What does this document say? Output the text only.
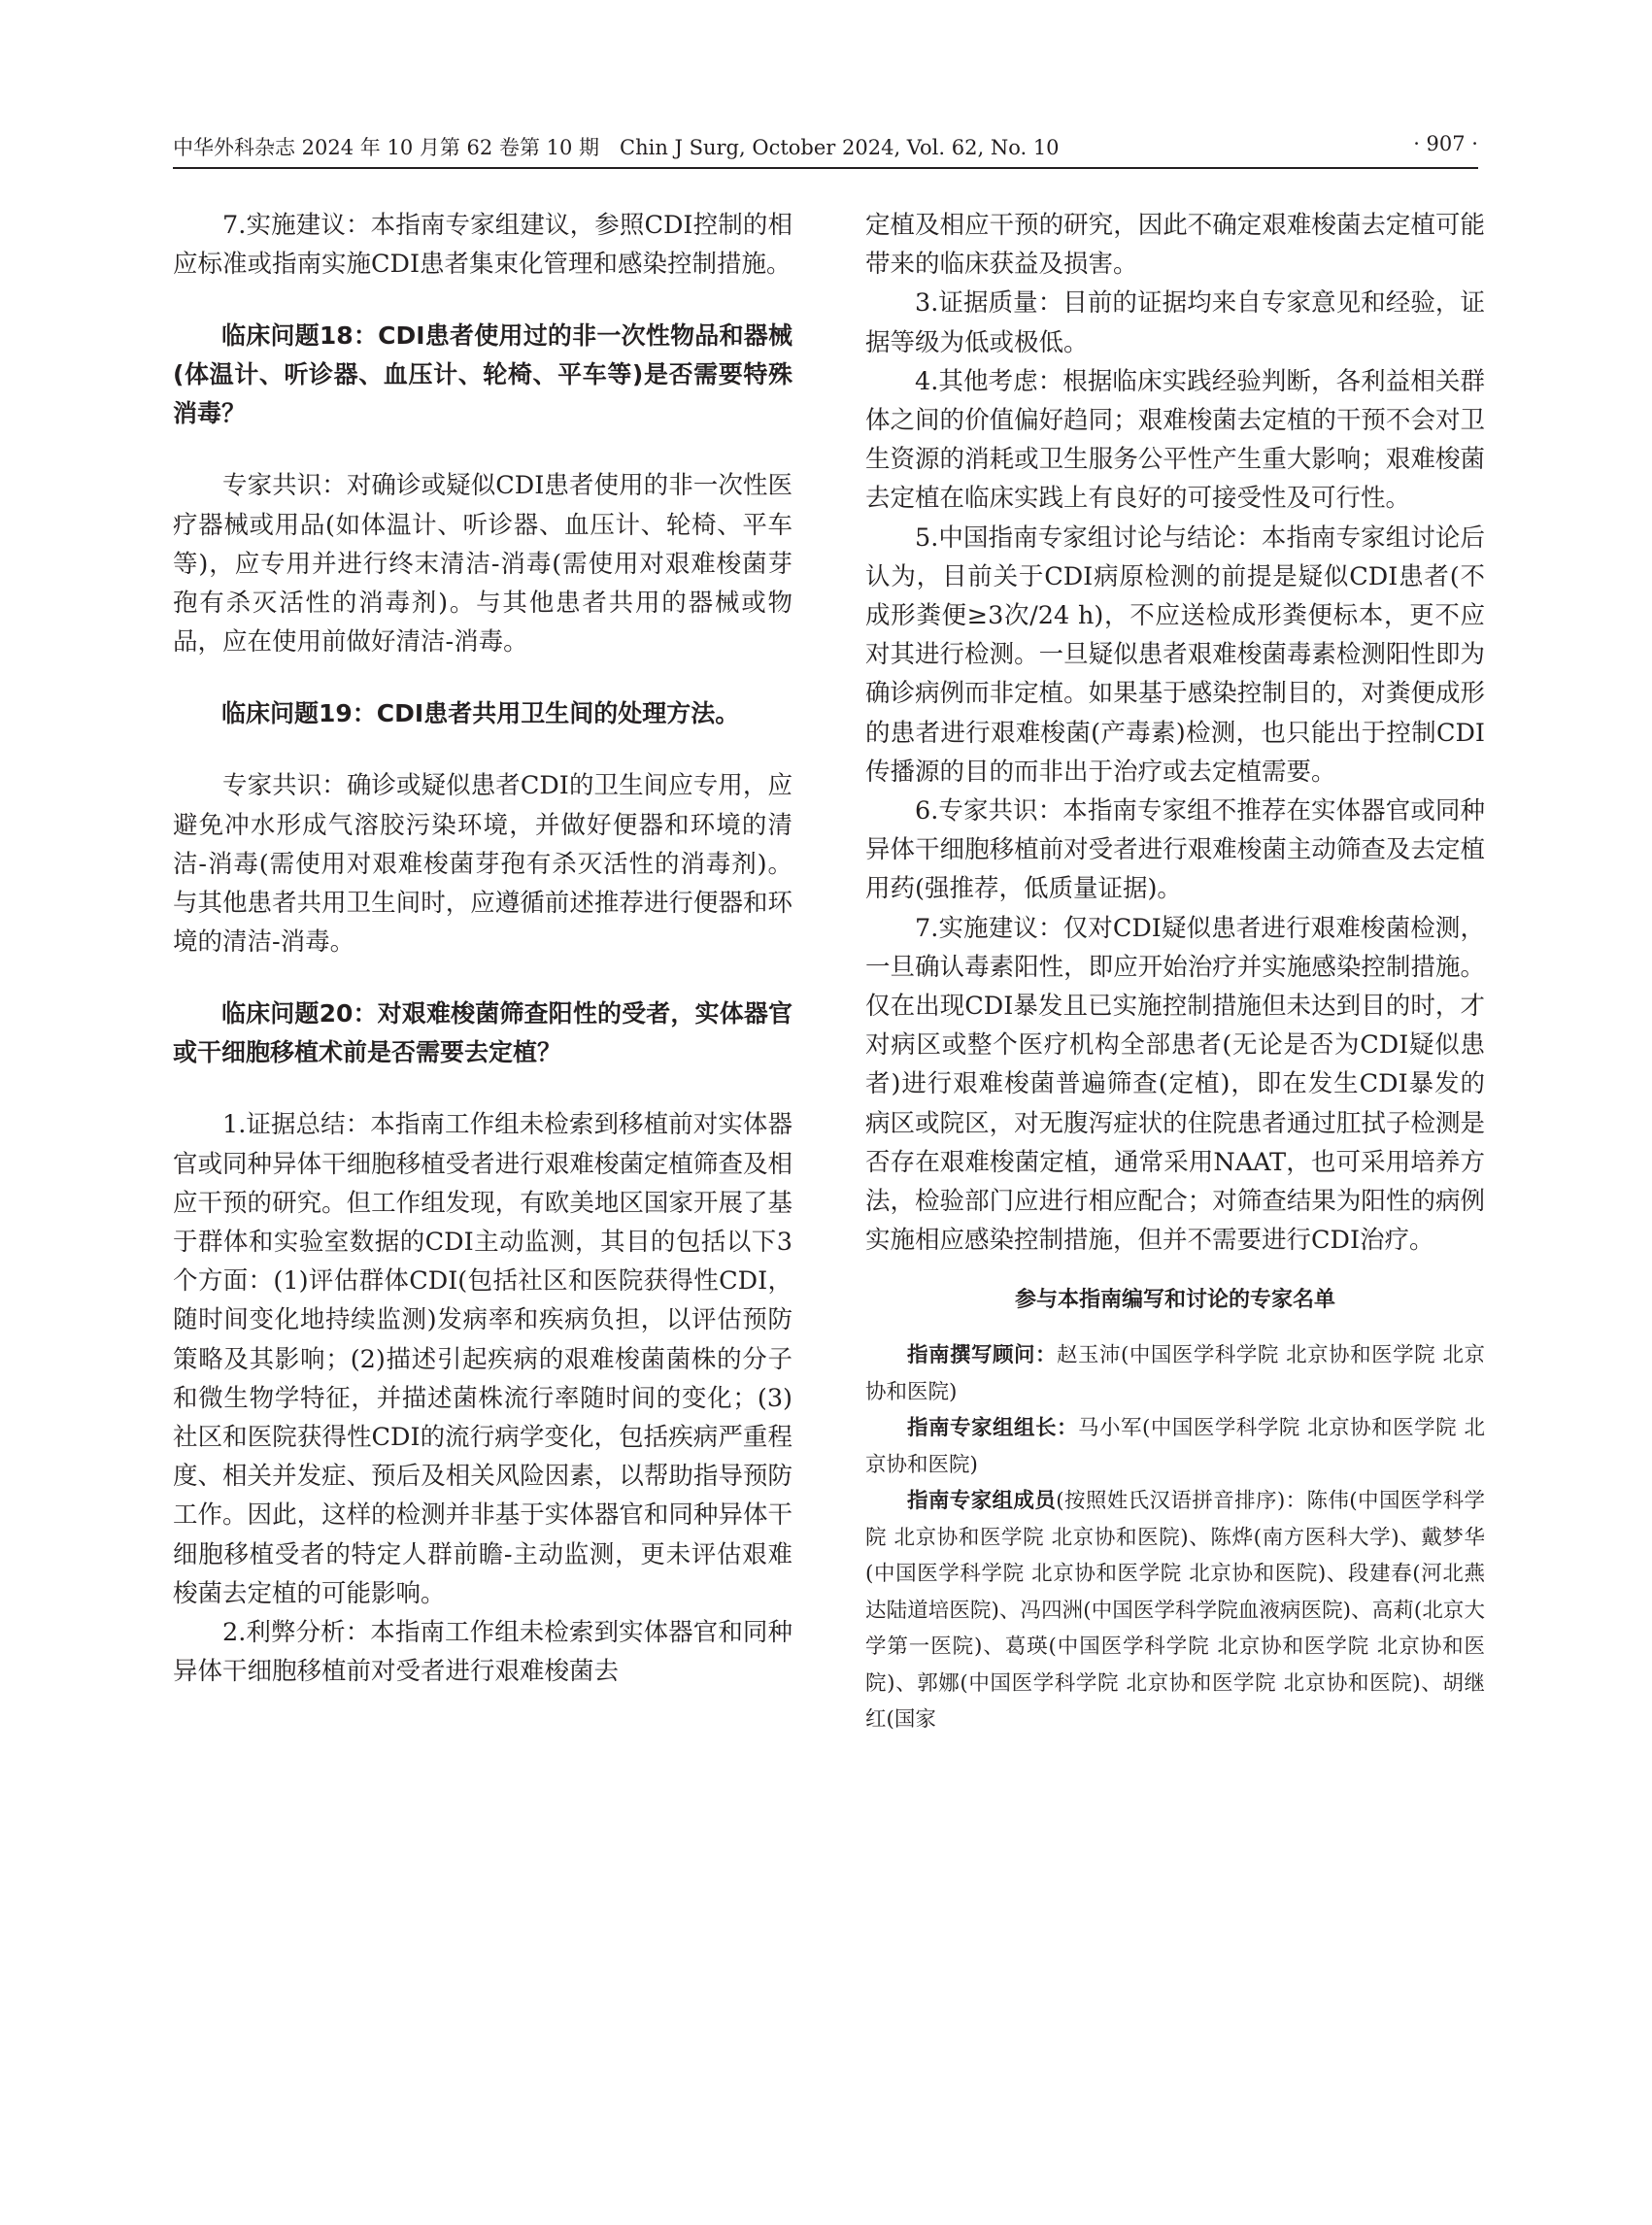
中华外科杂志 2024 年 10 月第 62 卷第 10 期　Chin J Surg, October 2024, Vol. 62, No. 10	· 907 ·

7.实施建议：本指南专家组建议，参照CDI控制的相应标准或指南实施CDI患者集束化管理和感染控制措施。

临床问题18：CDI患者使用过的非一次性物品和器械(体温计、听诊器、血压计、轮椅、平车等)是否需要特殊消毒？

专家共识：对确诊或疑似CDI患者使用的非一次性医疗器械或用品(如体温计、听诊器、血压计、轮椅、平车等)，应专用并进行终末清洁-消毒(需使用对艰难梭菌芽孢有杀灭活性的消毒剂)。与其他患者共用的器械或物品，应在使用前做好清洁-消毒。

临床问题19：CDI患者共用卫生间的处理方法。

专家共识：确诊或疑似患者CDI的卫生间应专用，应避免冲水形成气溶胶污染环境，并做好便器和环境的清洁-消毒(需使用对艰难梭菌芽孢有杀灭活性的消毒剂)。与其他患者共用卫生间时，应遵循前述推荐进行便器和环境的清洁-消毒。

临床问题20：对艰难梭菌筛查阳性的受者，实体器官或干细胞移植术前是否需要去定植？

1.证据总结：本指南工作组未检索到移植前对实体器官或同种异体干细胞移植受者进行艰难梭菌定植筛查及相应干预的研究。但工作组发现，有欧美地区国家开展了基于群体和实验室数据的CDI主动监测，其目的包括以下3个方面：(1)评估群体CDI(包括社区和医院获得性CDI，随时间变化地持续监测)发病率和疾病负担，以评估预防策略及其影响；(2)描述引起疾病的艰难梭菌菌株的分子和微生物学特征，并描述菌株流行率随时间的变化；(3)社区和医院获得性CDI的流行病学变化，包括疾病严重程度、相关并发症、预后及相关风险因素，以帮助指导预防工作。因此，这样的检测并非基于实体器官和同种异体干细胞移植受者的特定人群前瞻-主动监测，更未评估艰难梭菌去定植的可能影响。

2.利弊分析：本指南工作组未检索到实体器官和同种异体干细胞移植前对受者进行艰难梭菌去

定植及相应干预的研究，因此不确定艰难梭菌去定植可能带来的临床获益及损害。

3.证据质量：目前的证据均来自专家意见和经验，证据等级为低或极低。

4.其他考虑：根据临床实践经验判断，各利益相关群体之间的价值偏好趋同；艰难梭菌去定植的干预不会对卫生资源的消耗或卫生服务公平性产生重大影响；艰难梭菌去定植在临床实践上有良好的可接受性及可行性。

5.中国指南专家组讨论与结论：本指南专家组讨论后认为，目前关于CDI病原检测的前提是疑似CDI患者(不成形粪便≥3次/24 h)，不应送检成形粪便标本，更不应对其进行检测。一旦疑似患者艰难梭菌毒素检测阳性即为确诊病例而非定植。如果基于感染控制目的，对粪便成形的患者进行艰难梭菌(产毒素)检测，也只能出于控制CDI传播源的目的而非出于治疗或去定植需要。

6.专家共识：本指南专家组不推荐在实体器官或同种异体干细胞移植前对受者进行艰难梭菌主动筛查及去定植用药(强推荐，低质量证据)。

7.实施建议：仅对CDI疑似患者进行艰难梭菌检测，一旦确认毒素阳性，即应开始治疗并实施感染控制措施。仅在出现CDI暴发且已实施控制措施但未达到目的时，才对病区或整个医疗机构全部患者(无论是否为CDI疑似患者)进行艰难梭菌普遍筛查(定植)，即在发生CDI暴发的病区或院区，对无腹泻症状的住院患者通过肛拭子检测是否存在艰难梭菌定植，通常采用NAAT，也可采用培养方法，检验部门应进行相应配合；对筛查结果为阳性的病例实施相应感染控制措施，但并不需要进行CDI治疗。

参与本指南编写和讨论的专家名单

指南撰写顾问：赵玉沛(中国医学科学院 北京协和医学院 北京协和医院)

指南专家组组长：马小军(中国医学科学院 北京协和医学院 北京协和医院)

指南专家组成员(按照姓氏汉语拼音排序)：陈伟(中国医学科学院 北京协和医学院 北京协和医院)、陈烨(南方医科大学)、戴梦华(中国医学科学院 北京协和医学院 北京协和医院)、段建春(河北燕达陆道培医院)、冯四洲(中国医学科学院血液病医院)、高莉(北京大学第一医院)、葛瑛(中国医学科学院 北京协和医学院 北京协和医院)、郭娜(中国医学科学院 北京协和医学院 北京协和医院)、胡继红(国家
